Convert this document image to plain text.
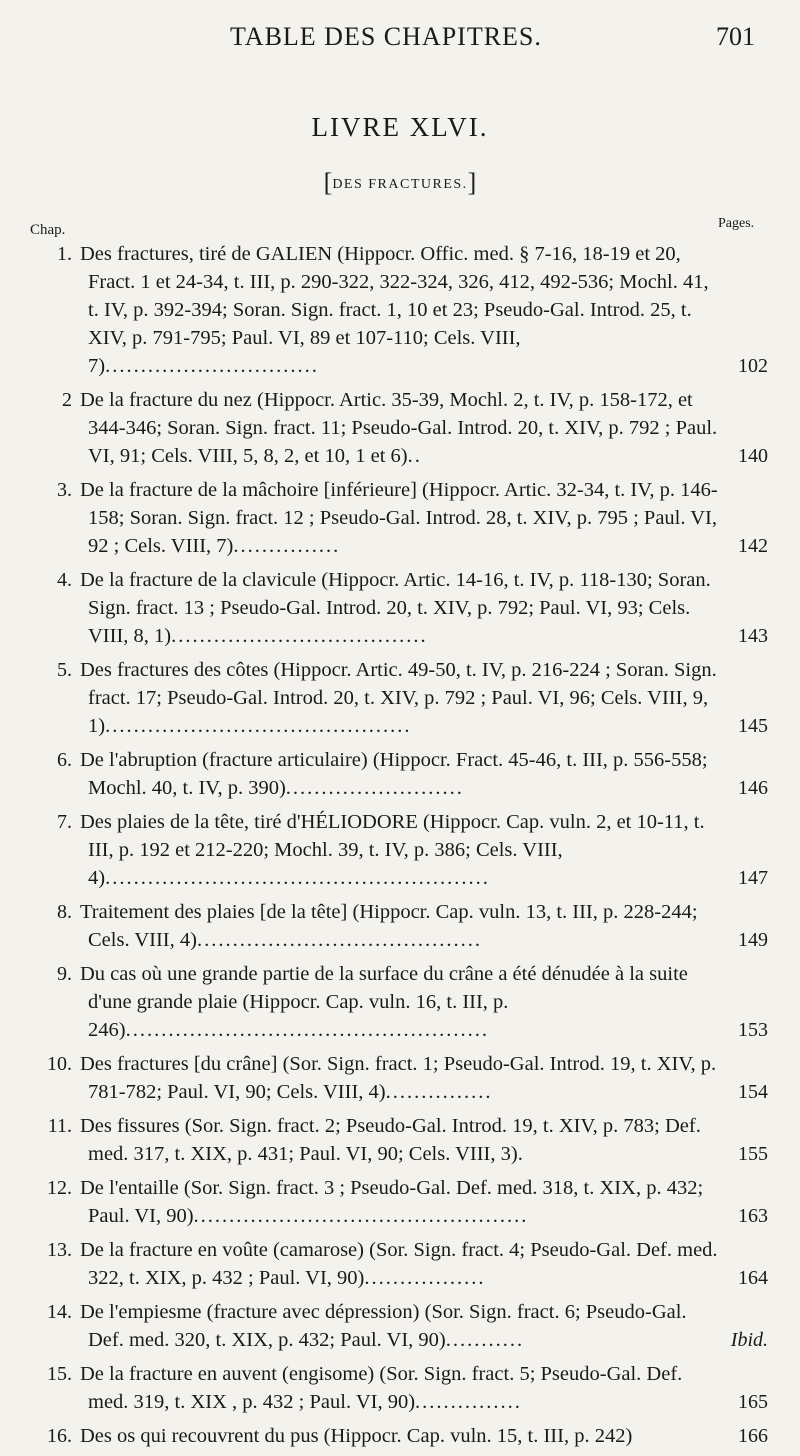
TABLE DES CHAPITRES.	701
LIVRE XLVI.
[DES FRACTURES.]
Chap.	Pages.
1. Des fractures, tiré de GALIEN (Hippocr. Offic. med. § 7-16, 18-19 et 20, Fract. 1 et 24-34, t. III, p. 290-322, 322-324, 326, 412, 492-536; Mochl. 41, t. IV, p. 392-394; Soran. Sign. fract. 1, 10 et 23; Pseudo-Gal. Introd. 25, t. XIV, p. 791-795; Paul. VI, 89 et 107-110; Cels. VIII, 7)..............................	102
2 De la fracture du nez (Hippocr. Artic. 35-39, Mochl. 2, t. IV, p. 158-172, et 344-346; Soran. Sign. fract. 11; Pseudo-Gal. Introd. 20, t. XIV, p. 792 ; Paul. VI, 91; Cels. VIII, 5, 8, 2, et 10, 1 et 6)..	140
3. De la fracture de la mâchoire [inférieure] (Hippocr. Artic. 32-34, t. IV, p. 146-158; Soran. Sign. fract. 12 ; Pseudo-Gal. Introd. 28, t. XIV, p. 795 ; Paul. VI, 92 ; Cels. VIII, 7)...............	142
4. De la fracture de la clavicule (Hippocr. Artic. 14-16, t. IV, p. 118-130; Soran. Sign. fract. 13 ; Pseudo-Gal. Introd. 20, t. XIV, p. 792; Paul. VI, 93; Cels. VIII, 8, 1)....................................	143
5. Des fractures des côtes (Hippocr. Artic. 49-50, t. IV, p. 216-224 ; Soran. Sign. fract. 17; Pseudo-Gal. Introd. 20, t. XIV, p. 792 ; Paul. VI, 96; Cels. VIII, 9, 1)...........................................	145
6. De l'abruption (fracture articulaire) (Hippocr. Fract. 45-46, t. III, p. 556-558; Mochl. 40, t. IV, p. 390).........................	146
7. Des plaies de la tête, tiré d'HÉLIODORE (Hippocr. Cap. vuln. 2, et 10-11, t. III, p. 192 et 212-220; Mochl. 39, t. IV, p. 386; Cels. VIII, 4)......................................................	147
8. Traitement des plaies [de la tête] (Hippocr. Cap. vuln. 13, t. III, p. 228-244; Cels. VIII, 4)........................................	149
9. Du cas où une grande partie de la surface du crâne a été dénudée à la suite d'une grande plaie (Hippocr. Cap. vuln. 16, t. III, p. 246)...................................................	153
10. Des fractures [du crâne] (Sor. Sign. fract. 1; Pseudo-Gal. Introd. 19, t. XIV, p. 781-782; Paul. VI, 90; Cels. VIII, 4)...............	154
11. Des fissures (Sor. Sign. fract. 2; Pseudo-Gal. Introd. 19, t. XIV, p. 783; Def. med. 317, t. XIX, p. 431; Paul. VI, 90; Cels. VIII, 3).	155
12. De l'entaille (Sor. Sign. fract. 3 ; Pseudo-Gal. Def. med. 318, t. XIX, p. 432; Paul. VI, 90)...............................................	163
13. De la fracture en voûte (camarose) (Sor. Sign. fract. 4; Pseudo-Gal. Def. med. 322, t. XIX, p. 432 ; Paul. VI, 90).................	164
14. De l'empiesme (fracture avec dépression) (Sor. Sign. fract. 6; Pseudo-Gal. Def. med. 320, t. XIX, p. 432; Paul. VI, 90)...........	Ibid.
15. De la fracture en auvent (engisome) (Sor. Sign. fract. 5; Pseudo-Gal. Def. med. 319, t. XIX , p. 432 ; Paul. VI, 90)...............	165
16. Des os qui recouvrent du pus (Hippocr. Cap. vuln. 15, t. III, p. 242)	166
